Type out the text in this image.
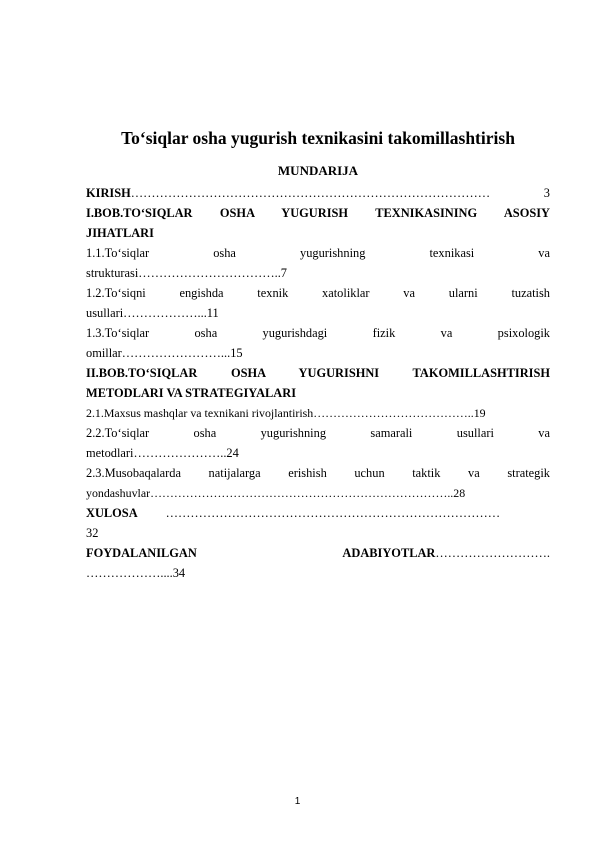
To‘siqlar osha yugurish texnikasini takomillashtirish
MUNDARIJA
KIRISH ……………………………………………………………………………	3
I.BOB.TO‘SIQLAR OSHA YUGURISH TEXNIKASINING ASOSIY
JIHATLARI
1.1.To‘siqlar osha yugurishning texnikasi va
strukturasi……………………………..7
1.2.To‘siqni engishda texnik xatoliklar va ularni tuzatish
usullari………………...11
1.3.To‘siqlar osha yugurishdagi fizik va psixologik
omillar……………………...15
II.BOB.TO‘SIQLAR OSHA YUGURISHNI TAKOMILLASHTIRISH
METODLARI VA STRATEGIYALARI
2.1.Maxsus mashqlar va texnikani rivojlantirish…………………………………..19
2.2.To‘siqlar osha yugurishning samarali usullari va
metodlari…………………..24
2.3.Musobaqalarda natijalarga erishish uchun taktik va strategik
yondashuvlar…………………………………………………………………..28
XULOSA ………………………………………………………………………
32
FOYDALANILGAN	ADABIYOTLAR ……………………….
………………....34
1
